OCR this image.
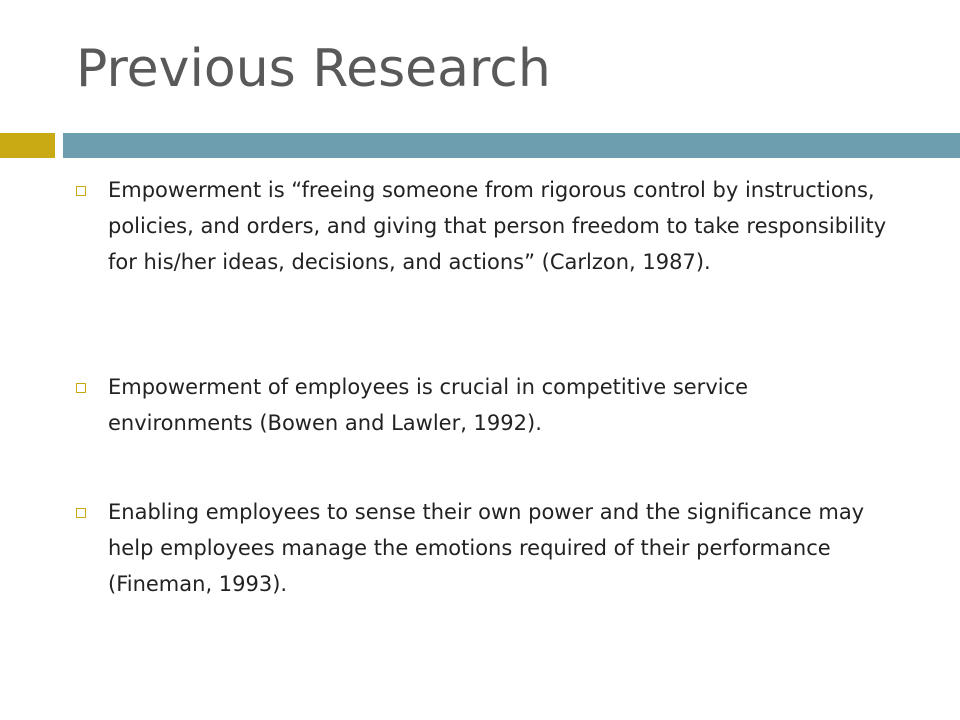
Previous Research
Empowerment is “freeing someone from rigorous control by instructions, policies, and orders, and giving that person freedom to take responsibility for his/her ideas, decisions, and actions” (Carlzon, 1987).
Empowerment of employees is crucial in competitive service environments (Bowen and Lawler, 1992).
Enabling employees to sense their own power and the significance may help employees manage the emotions required of their performance (Fineman, 1993).
